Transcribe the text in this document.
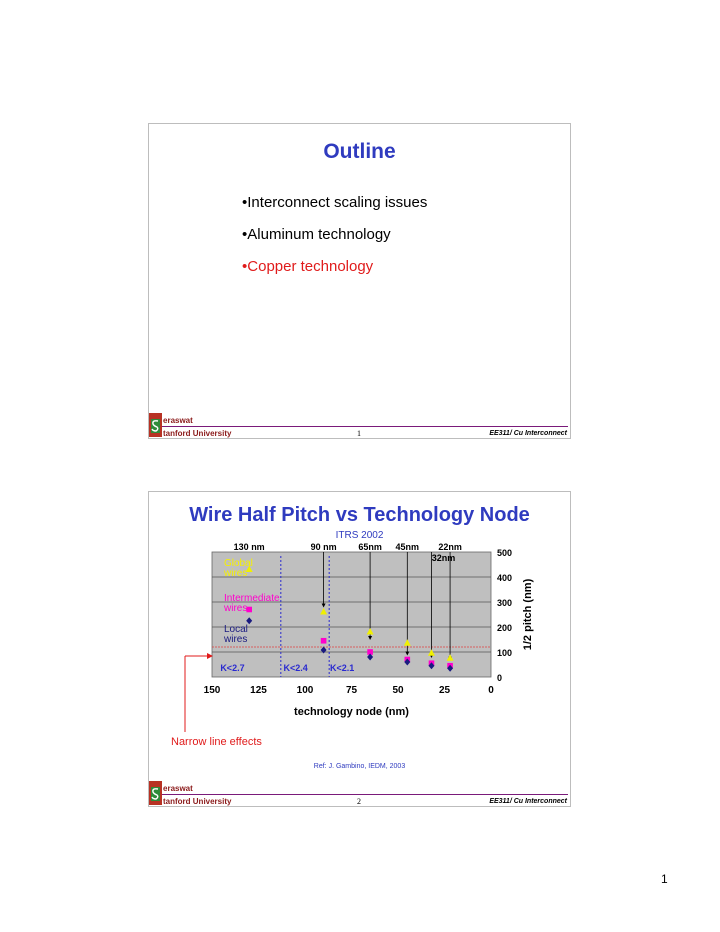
Outline
•Interconnect scaling issues
•Aluminum technology
•Copper technology
eraswat
tanford University	1	EE311/ Cu Interconnect
Wire Half Pitch vs Technology Node
ITRS 2002
0
100
200
300
400
500
150	125	100	75	50	25	0
technology node (nm)
1/2 pitch (nm)
130 nm	90 nm 65nm 45nm
32nm
22nm
Global
wires
Intermediate
wires
Local
wires
K<2.7	K<2.4 K<2.1
Narrow line effects
Ref: J. Gambino, IEDM, 2003
eraswat
tanford University	2	EE311/ Cu Interconnect
1
